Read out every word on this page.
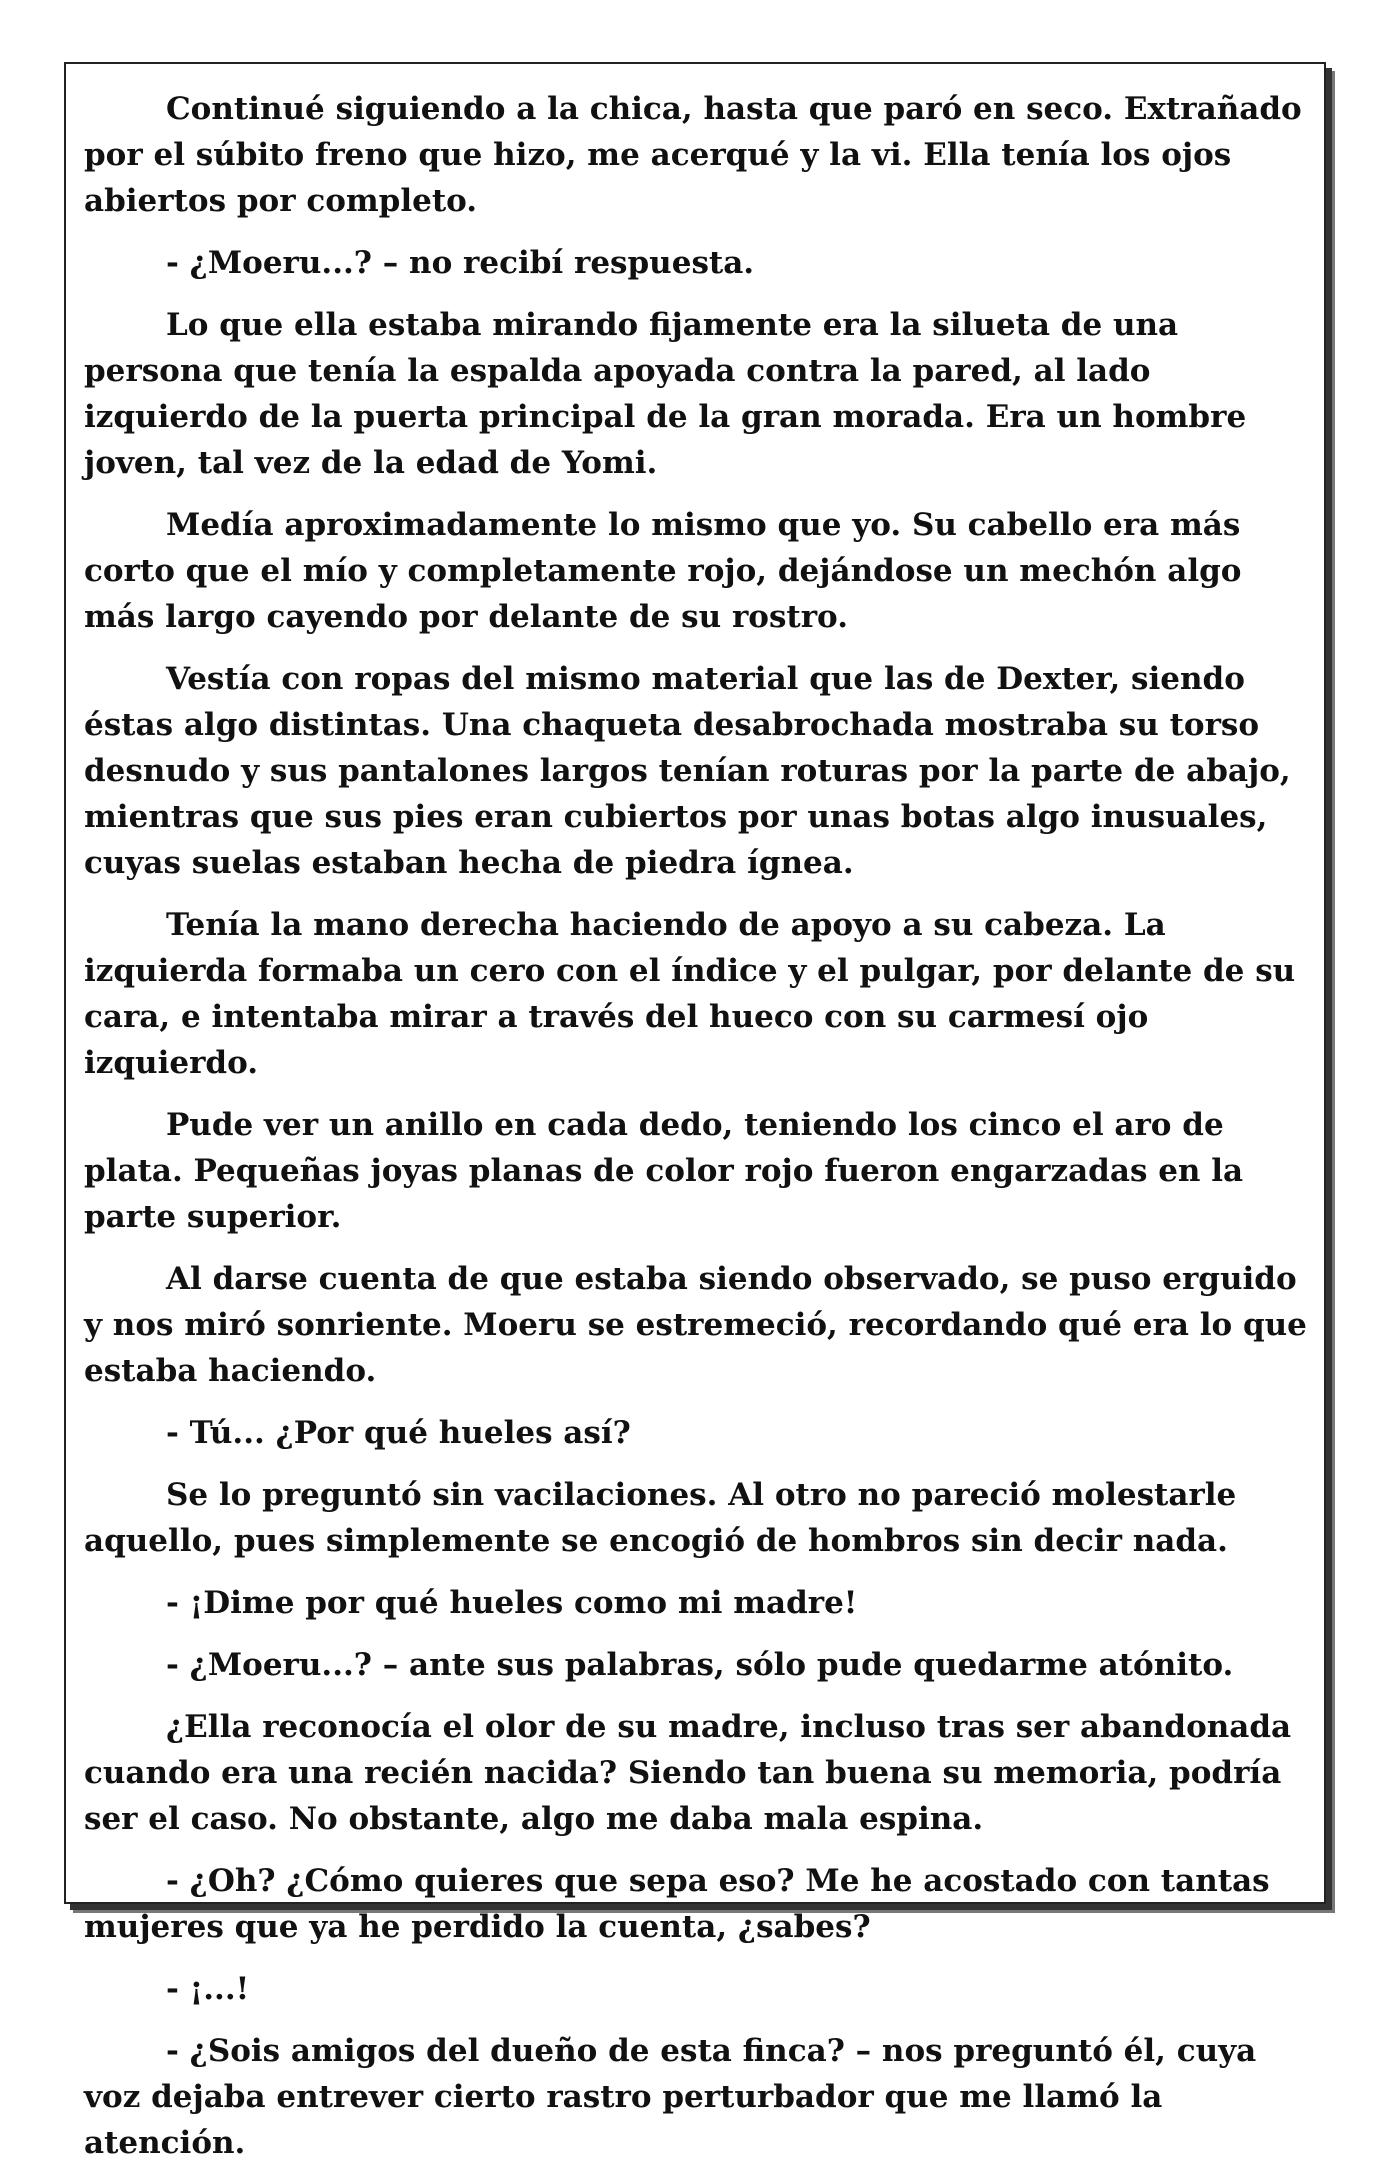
Continué siguiendo a la chica, hasta que paró en seco. Extrañado por el súbito freno que hizo, me acerqué y la vi. Ella tenía los ojos abiertos por completo.

- ¿Moeru...? – no recibí respuesta.

Lo que ella estaba mirando fijamente era la silueta de una persona que tenía la espalda apoyada contra la pared, al lado izquierdo de la puerta principal de la gran morada. Era un hombre joven, tal vez de la edad de Yomi.

Medía aproximadamente lo mismo que yo. Su cabello era más corto que el mío y completamente rojo, dejándose un mechón algo más largo cayendo por delante de su rostro.

Vestía con ropas del mismo material que las de Dexter, siendo éstas algo distintas. Una chaqueta desabrochada mostraba su torso desnudo y sus pantalones largos tenían roturas por la parte de abajo, mientras que sus pies eran cubiertos por unas botas algo inusuales, cuyas suelas estaban hecha de piedra ígnea.

Tenía la mano derecha haciendo de apoyo a su cabeza. La izquierda formaba un cero con el índice y el pulgar, por delante de su cara, e intentaba mirar a través del hueco con su carmesí ojo izquierdo.

Pude ver un anillo en cada dedo, teniendo los cinco el aro de plata. Pequeñas joyas planas de color rojo fueron engarzadas en la parte superior.

Al darse cuenta de que estaba siendo observado, se puso erguido y nos miró sonriente. Moeru se estremeció, recordando qué era lo que estaba haciendo.

- Tú... ¿Por qué hueles así?

Se lo preguntó sin vacilaciones. Al otro no pareció molestarle aquello, pues simplemente se encogió de hombros sin decir nada.

- ¡Dime por qué hueles como mi madre!

- ¿Moeru...? – ante sus palabras, sólo pude quedarme atónito.

¿Ella reconocía el olor de su madre, incluso tras ser abandonada cuando era una recién nacida? Siendo tan buena su memoria, podría ser el caso. No obstante, algo me daba mala espina.

- ¿Oh? ¿Cómo quieres que sepa eso? Me he acostado con tantas mujeres que ya he perdido la cuenta, ¿sabes?

- ¡...!

- ¿Sois amigos del dueño de esta finca? – nos preguntó él, cuya voz dejaba entrever cierto rastro perturbador que me llamó la atención.
